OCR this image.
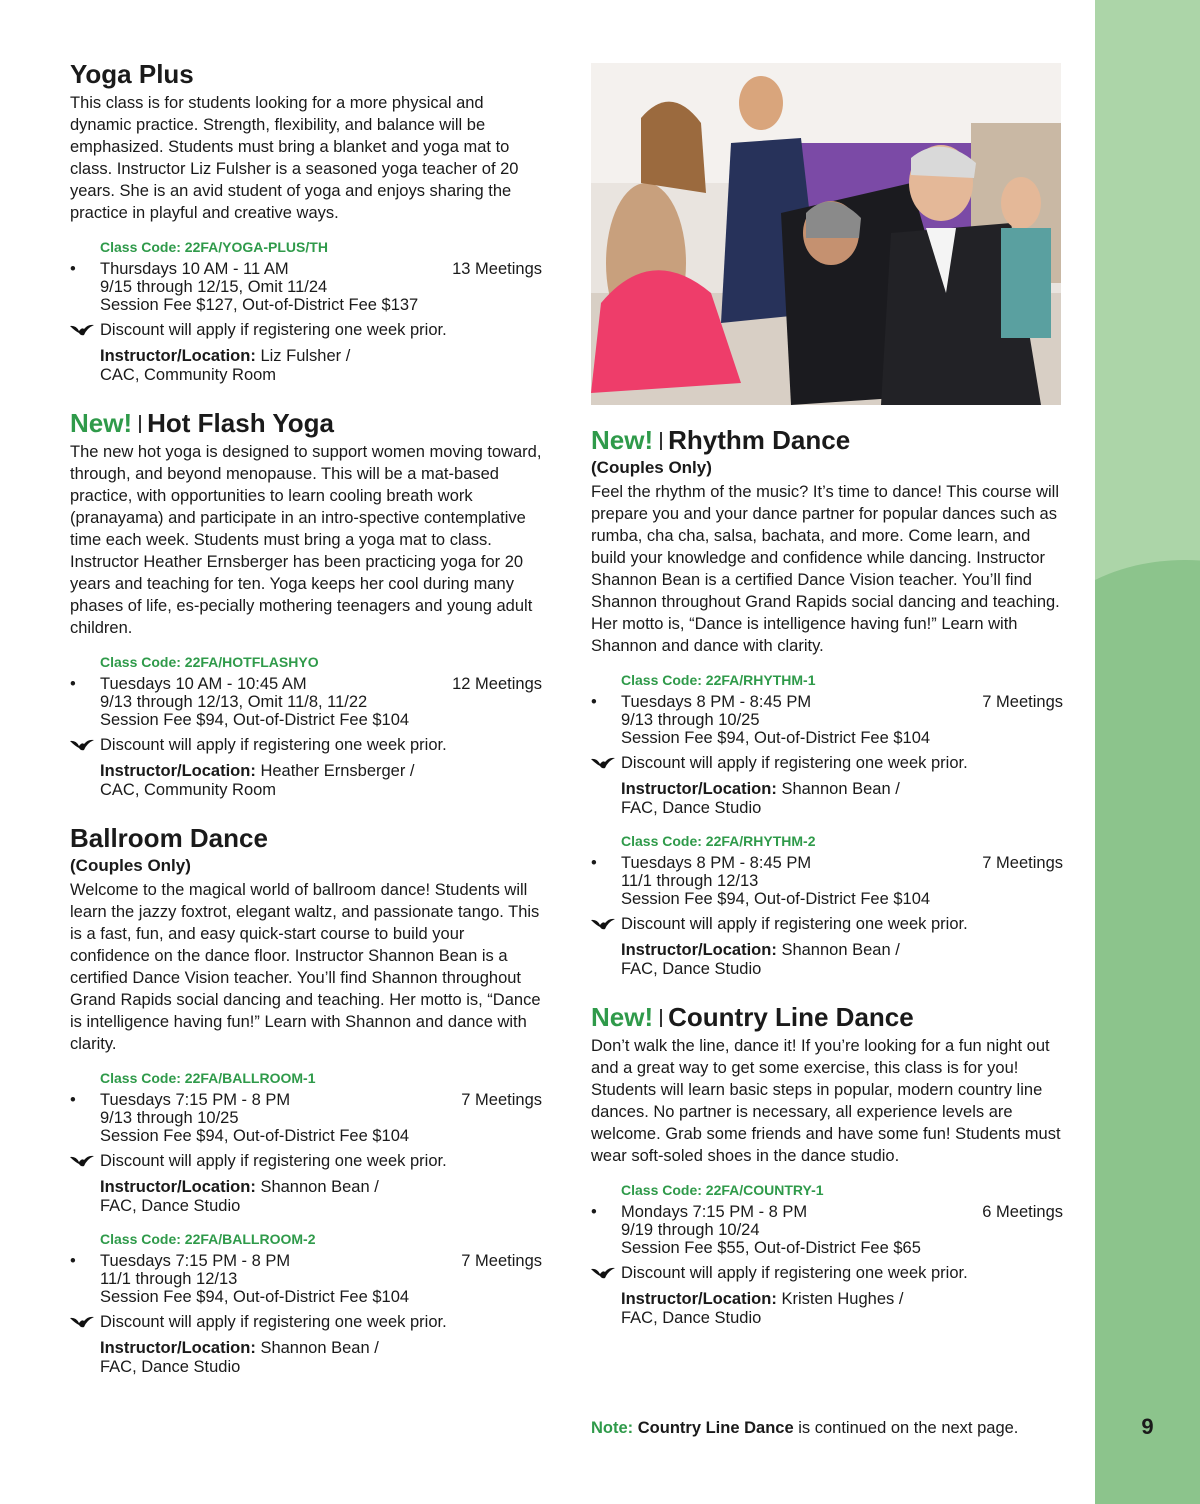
9
Yoga Plus

This class is for students looking for a more physical and dynamic practice. Strength, flexibility, and balance will be emphasized. Students must bring a blanket and yoga mat to class. Instructor Liz Fulsher is a seasoned yoga teacher of 20 years. She is an avid student of yoga and enjoys sharing the practice in playful and creative ways.

Class Code: 22FA/YOGA-PLUS/TH
•	Thursdays 10 AM - 11 AM	13 Meetings
9/15 through 12/15, Omit 11/24
Session Fee $127, Out-of-District Fee $137
Discount will apply if registering one week prior.
Instructor/Location: Liz Fulsher /
CAC, Community Room
New! Hot Flash Yoga

The new hot yoga is designed to support women moving toward, through, and beyond menopause. This will be a mat-based practice, with opportunities to learn cooling breath work (pranayama) and participate in an intro-spective contemplative time each week. Students must bring a yoga mat to class. Instructor Heather Ernsberger has been practicing yoga for 20 years and teaching for ten. Yoga keeps her cool during many phases of life, es-pecially mothering teenagers and young adult children.

Class Code: 22FA/HOTFLASHYO
•	Tuesdays 10 AM - 10:45 AM	12 Meetings
9/13 through 12/13, Omit 11/8, 11/22
Session Fee $94, Out-of-District Fee $104
Discount will apply if registering one week prior.
Instructor/Location: Heather Ernsberger /
CAC, Community Room
Ballroom Dance
(Couples Only)

Welcome to the magical world of ballroom dance! Students will learn the jazzy foxtrot, elegant waltz, and passionate tango. This is a fast, fun, and easy quick-start course to build your confidence on the dance floor. Instructor Shannon Bean is a certified Dance Vision teacher. You’ll find Shannon throughout Grand Rapids social dancing and teaching. Her motto is, “Dance is intelligence having fun!” Learn with Shannon and dance with clarity.

Class Code: 22FA/BALLROOM-1
•	Tuesdays 7:15 PM - 8 PM	7 Meetings
9/13 through 10/25
Session Fee $94, Out-of-District Fee $104
Discount will apply if registering one week prior.
Instructor/Location: Shannon Bean /
FAC, Dance Studio
Class Code: 22FA/BALLROOM-2
•	Tuesdays 7:15 PM - 8 PM	7 Meetings
11/1 through 12/13
Session Fee $94, Out-of-District Fee $104
Discount will apply if registering one week prior.
Instructor/Location: Shannon Bean /
FAC, Dance Studio
New! Rhythm Dance
(Couples Only)

Feel the rhythm of the music? It’s time to dance! This course will prepare you and your dance partner for popular dances such as rumba, cha cha, salsa, bachata, and more. Come learn, and build your knowledge and confidence while dancing. Instructor Shannon Bean is a certified Dance Vision teacher. You’ll find Shannon throughout Grand Rapids social dancing and teaching. Her motto is, “Dance is intelligence having fun!” Learn with Shannon and dance with clarity.

Class Code: 22FA/RHYTHM-1
•	Tuesdays 8 PM - 8:45 PM	7 Meetings
9/13 through 10/25
Session Fee $94, Out-of-District Fee $104
Discount will apply if registering one week prior.
Instructor/Location: Shannon Bean /
FAC, Dance Studio
Class Code: 22FA/RHYTHM-2
•	Tuesdays 8 PM - 8:45 PM	7 Meetings
11/1 through 12/13
Session Fee $94, Out-of-District Fee $104
Discount will apply if registering one week prior.
Instructor/Location: Shannon Bean /
FAC, Dance Studio
New! Country Line Dance

Don’t walk the line, dance it! If you’re looking for a fun night out and a great way to get some exercise, this class is for you! Students will learn basic steps in popular, modern country line dances. No partner is necessary, all experience levels are welcome. Grab some friends and have some fun! Students must wear soft-soled shoes in the dance studio.

Class Code: 22FA/COUNTRY-1
•	Mondays 7:15 PM - 8 PM	6 Meetings
9/19 through 10/24
Session Fee $55, Out-of-District Fee $65
Discount will apply if registering one week prior.
Instructor/Location: Kristen Hughes /
FAC, Dance Studio
Note: Country Line Dance is continued on the next page.
